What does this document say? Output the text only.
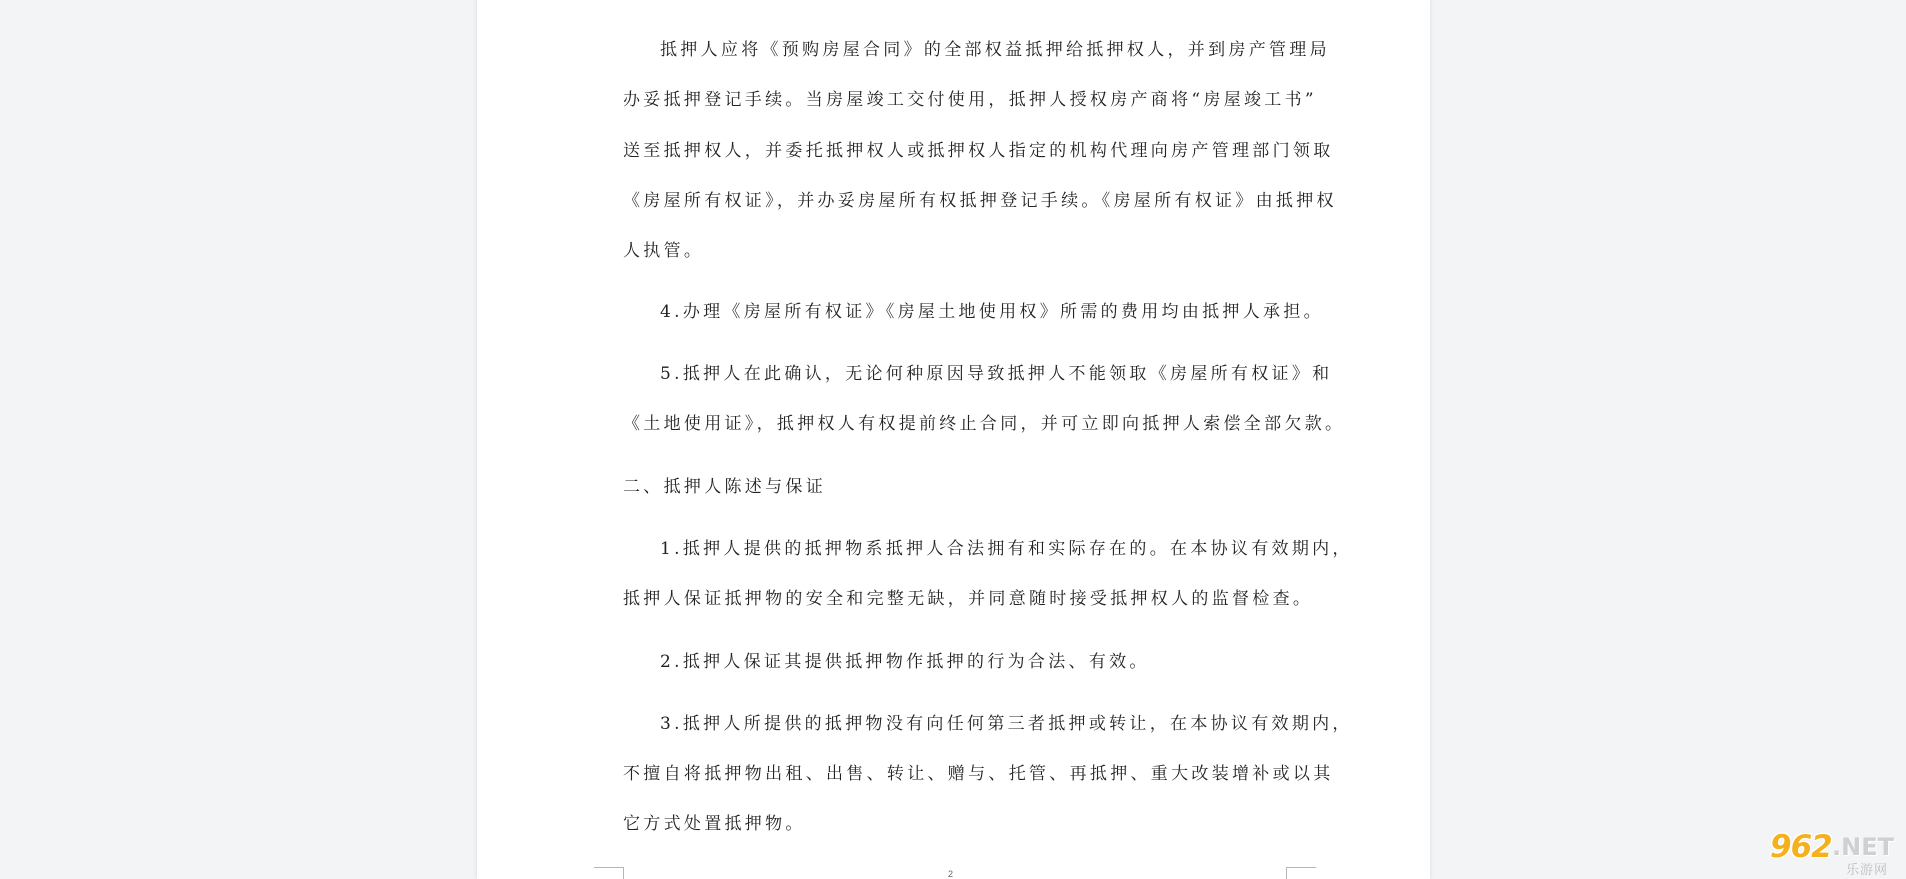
抵押人应将《预购房屋合同》的全部权益抵押给抵押权人，并到房产管理局
办妥抵押登记手续。当房屋竣工交付使用，抵押人授权房产商将“房屋竣工书”
送至抵押权人，并委托抵押权人或抵押权人指定的机构代理向房产管理部门领取
《房屋所有权证》，并办妥房屋所有权抵押登记手续。《房屋所有权证》由抵押权
人执管。
4.办理《房屋所有权证》《房屋土地使用权》所需的费用均由抵押人承担。
5.抵押人在此确认，无论何种原因导致抵押人不能领取《房屋所有权证》和
《土地使用证》，抵押权人有权提前终止合同，并可立即向抵押人索偿全部欠款。
二、抵押人陈述与保证
1.抵押人提供的抵押物系抵押人合法拥有和实际存在的。在本协议有效期内，
抵押人保证抵押物的安全和完整无缺，并同意随时接受抵押权人的监督检查。
2.抵押人保证其提供抵押物作抵押的行为合法、有效。
3.抵押人所提供的抵押物没有向任何第三者抵押或转让，在本协议有效期内，
不擅自将抵押物出租、出售、转让、赠与、托管、再抵押、重大改装增补或以其
它方式处置抵押物。
2
962 .NET
乐游网
